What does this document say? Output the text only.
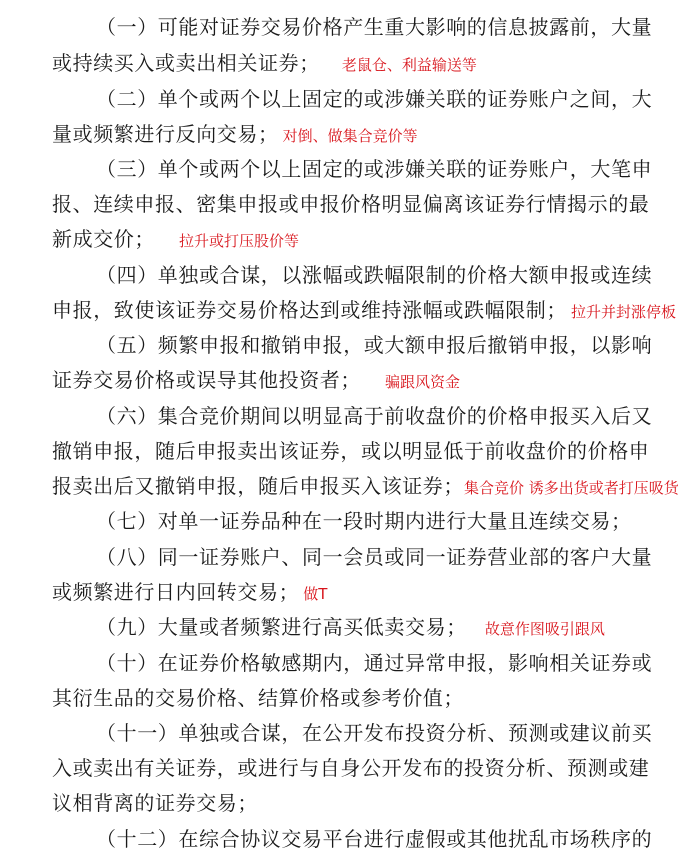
（一）可能对证券交易价格产生重大影响的信息披露前，大量
或持续买入或卖出相关证券； 老鼠仓、利益输送等
（二）单个或两个以上固定的或涉嫌关联的证券账户之间，大
量或频繁进行反向交易； 对倒、做集合竞价等
（三）单个或两个以上固定的或涉嫌关联的证券账户，大笔申
报、连续申报、密集申报或申报价格明显偏离该证券行情揭示的最
新成交价； 拉升或打压股价等
（四）单独或合谋，以涨幅或跌幅限制的价格大额申报或连续
申报，致使该证券交易价格达到或维持涨幅或跌幅限制； 拉升并封涨停板
（五）频繁申报和撤销申报，或大额申报后撤销申报，以影响
证券交易价格或误导其他投资者； 骗跟风资金
（六）集合竞价期间以明显高于前收盘价的价格申报买入后又
撤销申报，随后申报卖出该证券，或以明显低于前收盘价的价格申
报卖出后又撤销申报，随后申报买入该证券；集合竞价 诱多出货或者打压吸货
（七）对单一证券品种在一段时期内进行大量且连续交易；
（八）同一证券账户、同一会员或同一证券营业部的客户大量
或频繁进行日内回转交易； 做T
（九）大量或者频繁进行高买低卖交易； 故意作图吸引跟风
（十）在证券价格敏感期内，通过异常申报，影响相关证券或
其衍生品的交易价格、结算价格或参考价值；
（十一）单独或合谋，在公开发布投资分析、预测或建议前买
入或卖出有关证券，或进行与自身公开发布的投资分析、预测或建
议相背离的证券交易；
（十二）在综合协议交易平台进行虚假或其他扰乱市场秩序的
